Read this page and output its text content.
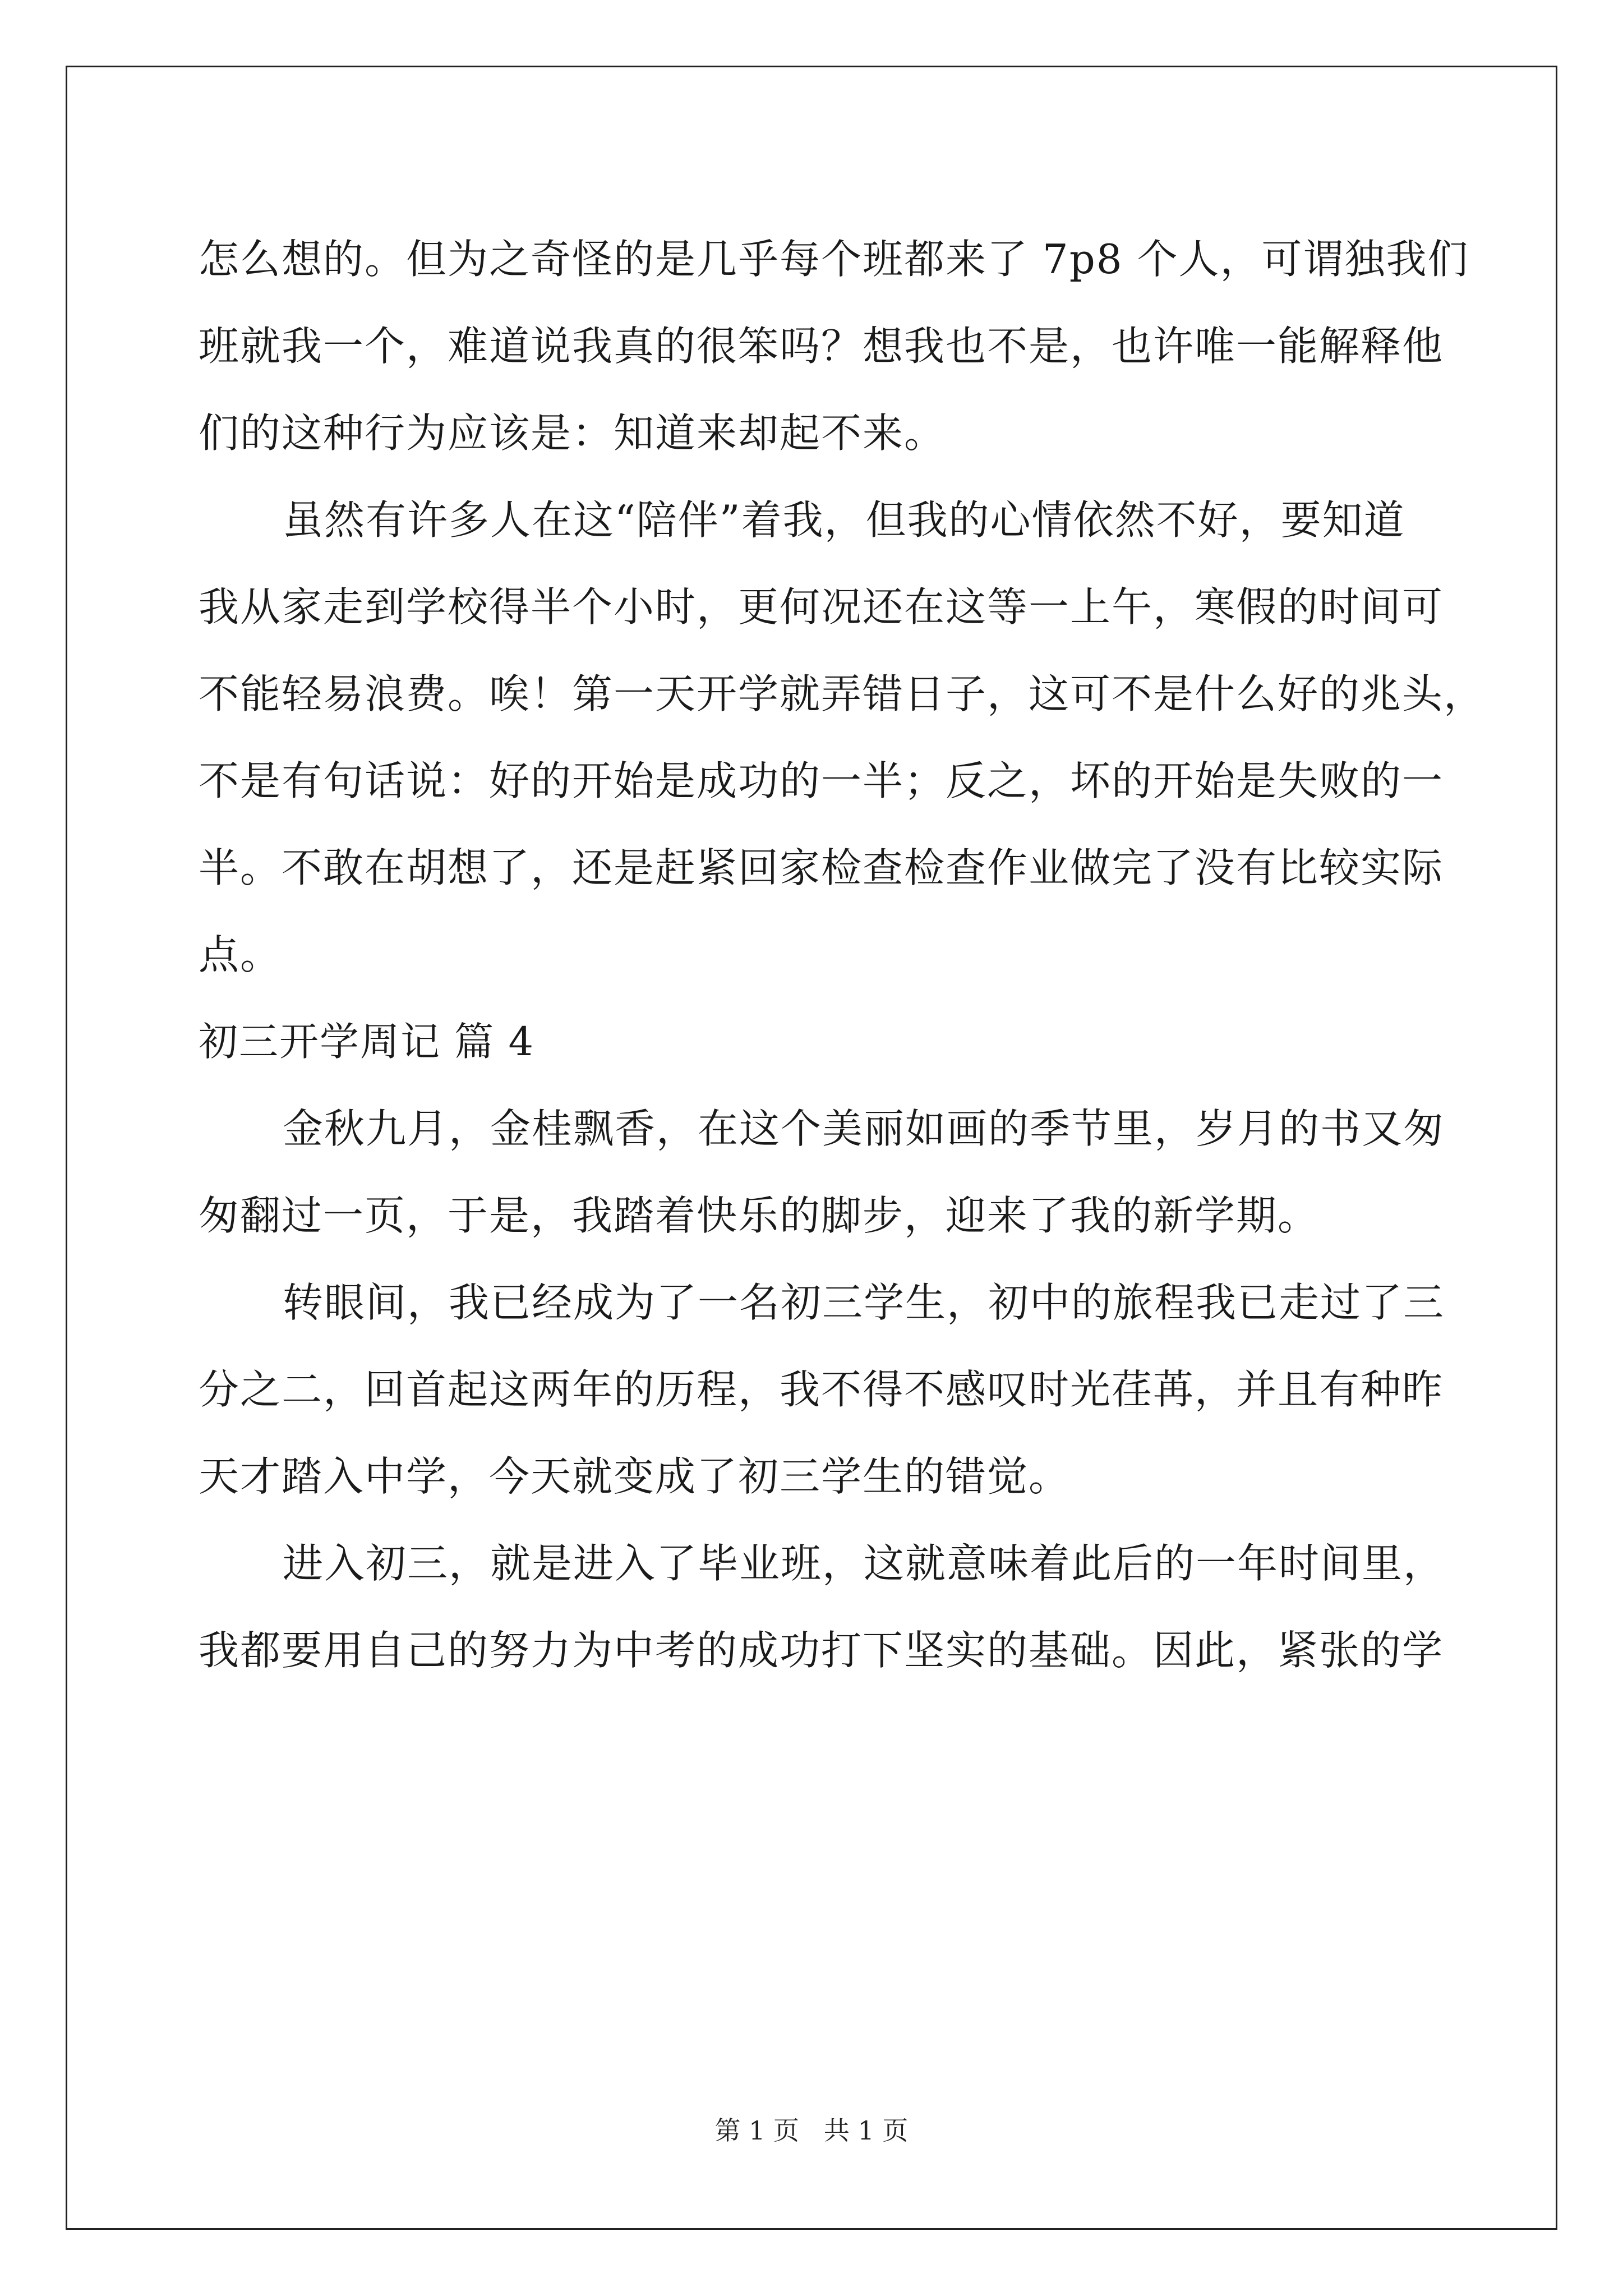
怎么想的。但为之奇怪的是几乎每个班都来了 7p8 个人，可谓独我们
班就我一个，难道说我真的很笨吗？想我也不是，也许唯一能解释他
们的这种行为应该是：知道来却起不来。
虽然有许多人在这“陪伴”着我，但我的心情依然不好，要知道
我从家走到学校得半个小时，更何况还在这等一上午，寒假的时间可
不能轻易浪费。唉！第一天开学就弄错日子，这可不是什么好的兆头，
不是有句话说：好的开始是成功的一半；反之，坏的开始是失败的一
半。不敢在胡想了，还是赶紧回家检查检查作业做完了没有比较实际
点。
初三开学周记 篇 4
金秋九月，金桂飘香，在这个美丽如画的季节里，岁月的书又匆
匆翻过一页，于是，我踏着快乐的脚步，迎来了我的新学期。
转眼间，我已经成为了一名初三学生，初中的旅程我已走过了三
分之二，回首起这两年的历程，我不得不感叹时光荏苒，并且有种昨
天才踏入中学，今天就变成了初三学生的错觉。
进入初三，就是进入了毕业班，这就意味着此后的一年时间里，
我都要用自己的努力为中考的成功打下坚实的基础。因此，紧张的学
第 1 页   共 1 页
